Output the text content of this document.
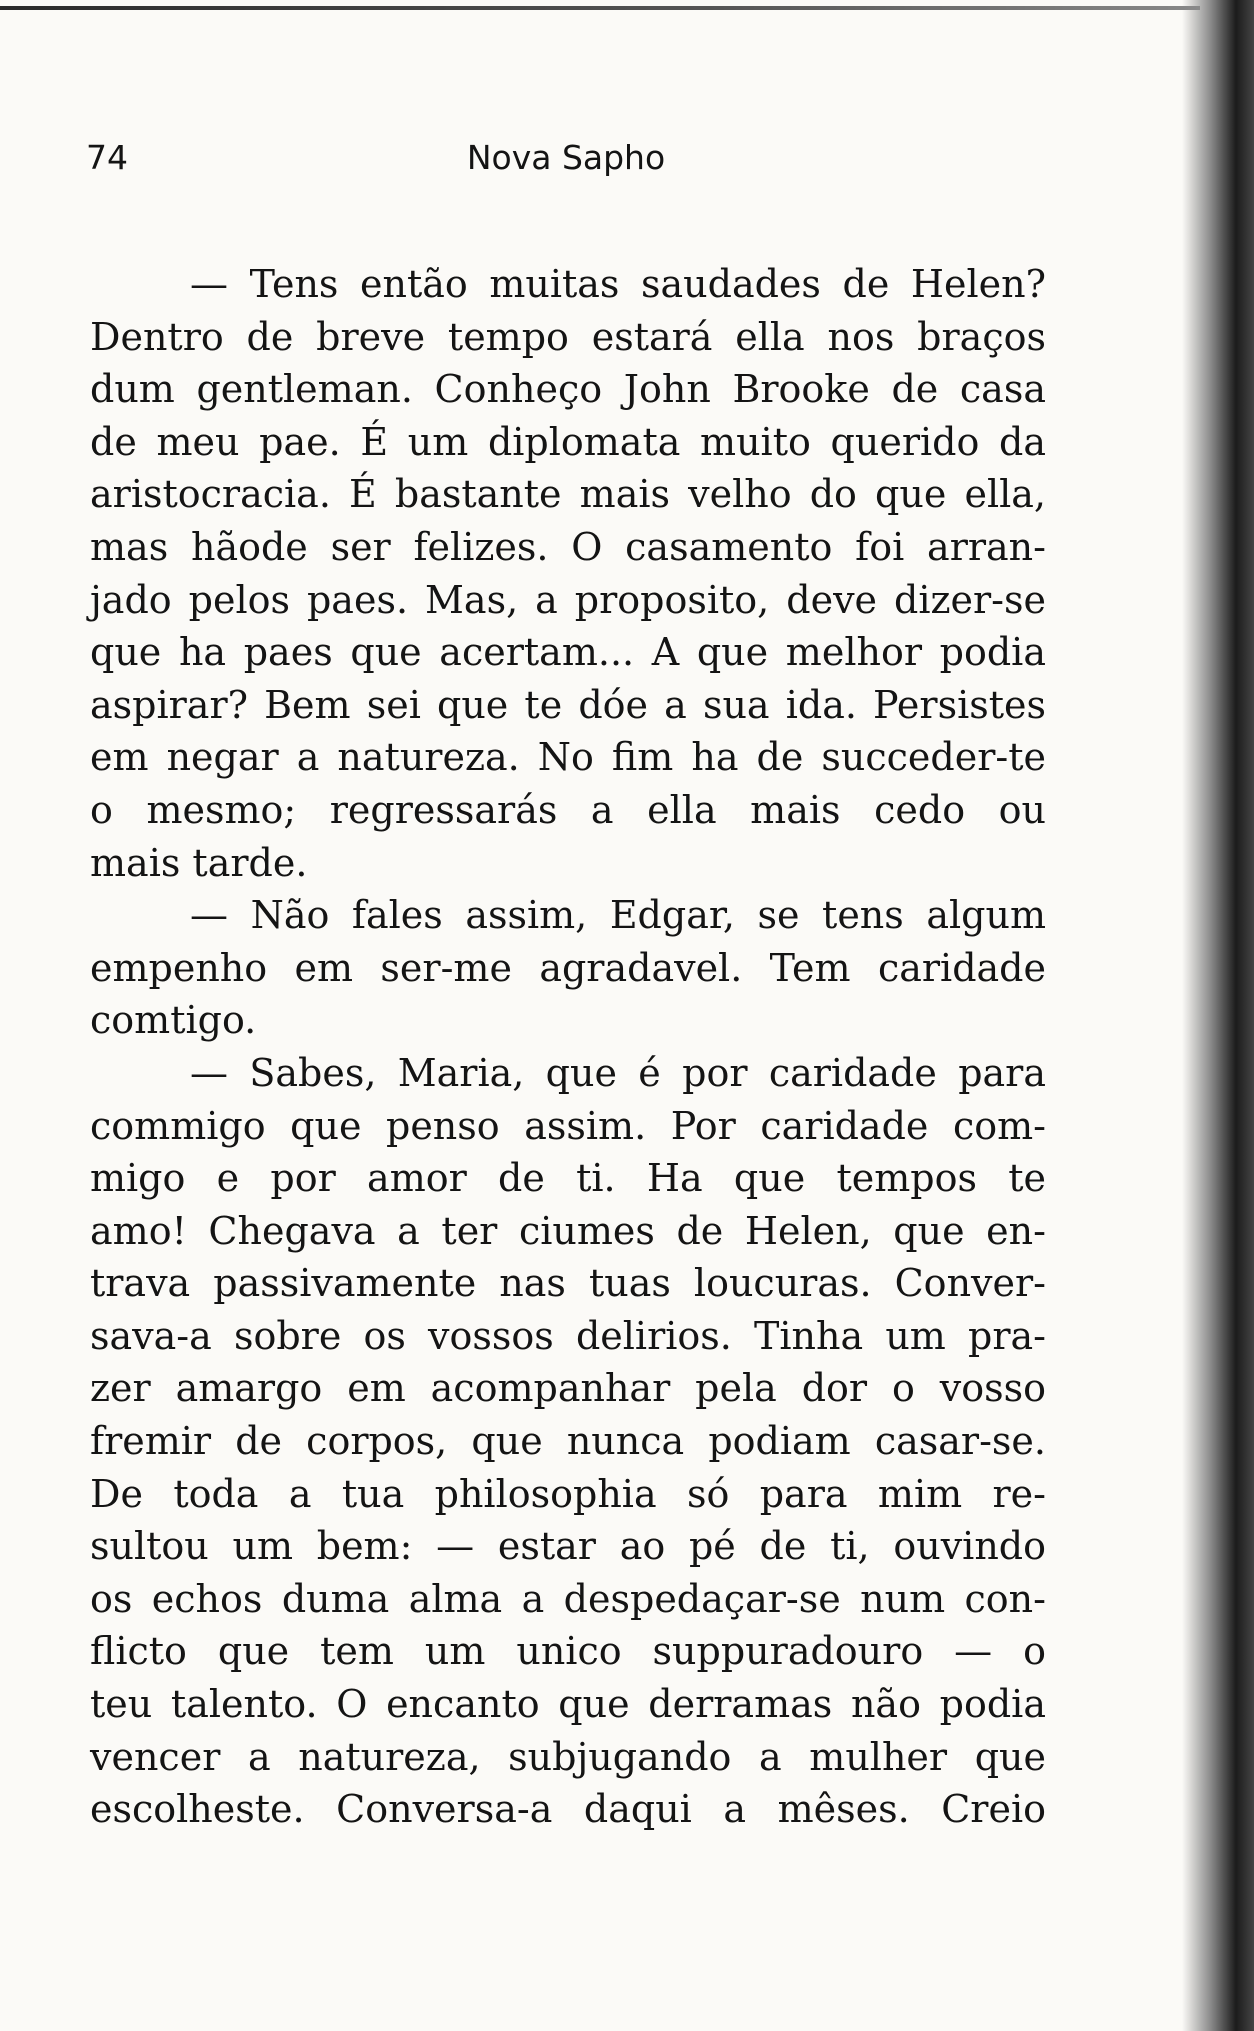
74	Nova Sapho
— Tens então muitas saudades de Helen?
Dentro de breve tempo estará ella nos braços
dum gentleman. Conheço John Brooke de casa
de meu pae. É um diplomata muito querido da
aristocracia. É bastante mais velho do que ella,
mas hãode ser felizes. O casamento foi arran-
jado pelos paes. Mas, a proposito, deve dizer-se
que ha paes que acertam... A que melhor podia
aspirar? Bem sei que te dóe a sua ida. Persistes
em negar a natureza. No fim ha de succeder-te
o mesmo; regressarás a ella mais cedo ou
mais tarde.
— Não fales assim, Edgar, se tens algum
empenho em ser-me agradavel. Tem caridade
comtigo.
— Sabes, Maria, que é por caridade para
commigo que penso assim. Por caridade com-
migo e por amor de ti. Ha que tempos te
amo! Chegava a ter ciumes de Helen, que en-
trava passivamente nas tuas loucuras. Conver-
sava-a sobre os vossos delirios. Tinha um pra-
zer amargo em acompanhar pela dor o vosso
fremir de corpos, que nunca podiam casar-se.
De toda a tua philosophia só para mim re-
sultou um bem: — estar ao pé de ti, ouvindo
os echos duma alma a despedaçar-se num con-
flicto que tem um unico suppuradouro — o
teu talento. O encanto que derramas não podia
vencer a natureza, subjugando a mulher que
escolheste. Conversa-a daqui a mêses. Creio
